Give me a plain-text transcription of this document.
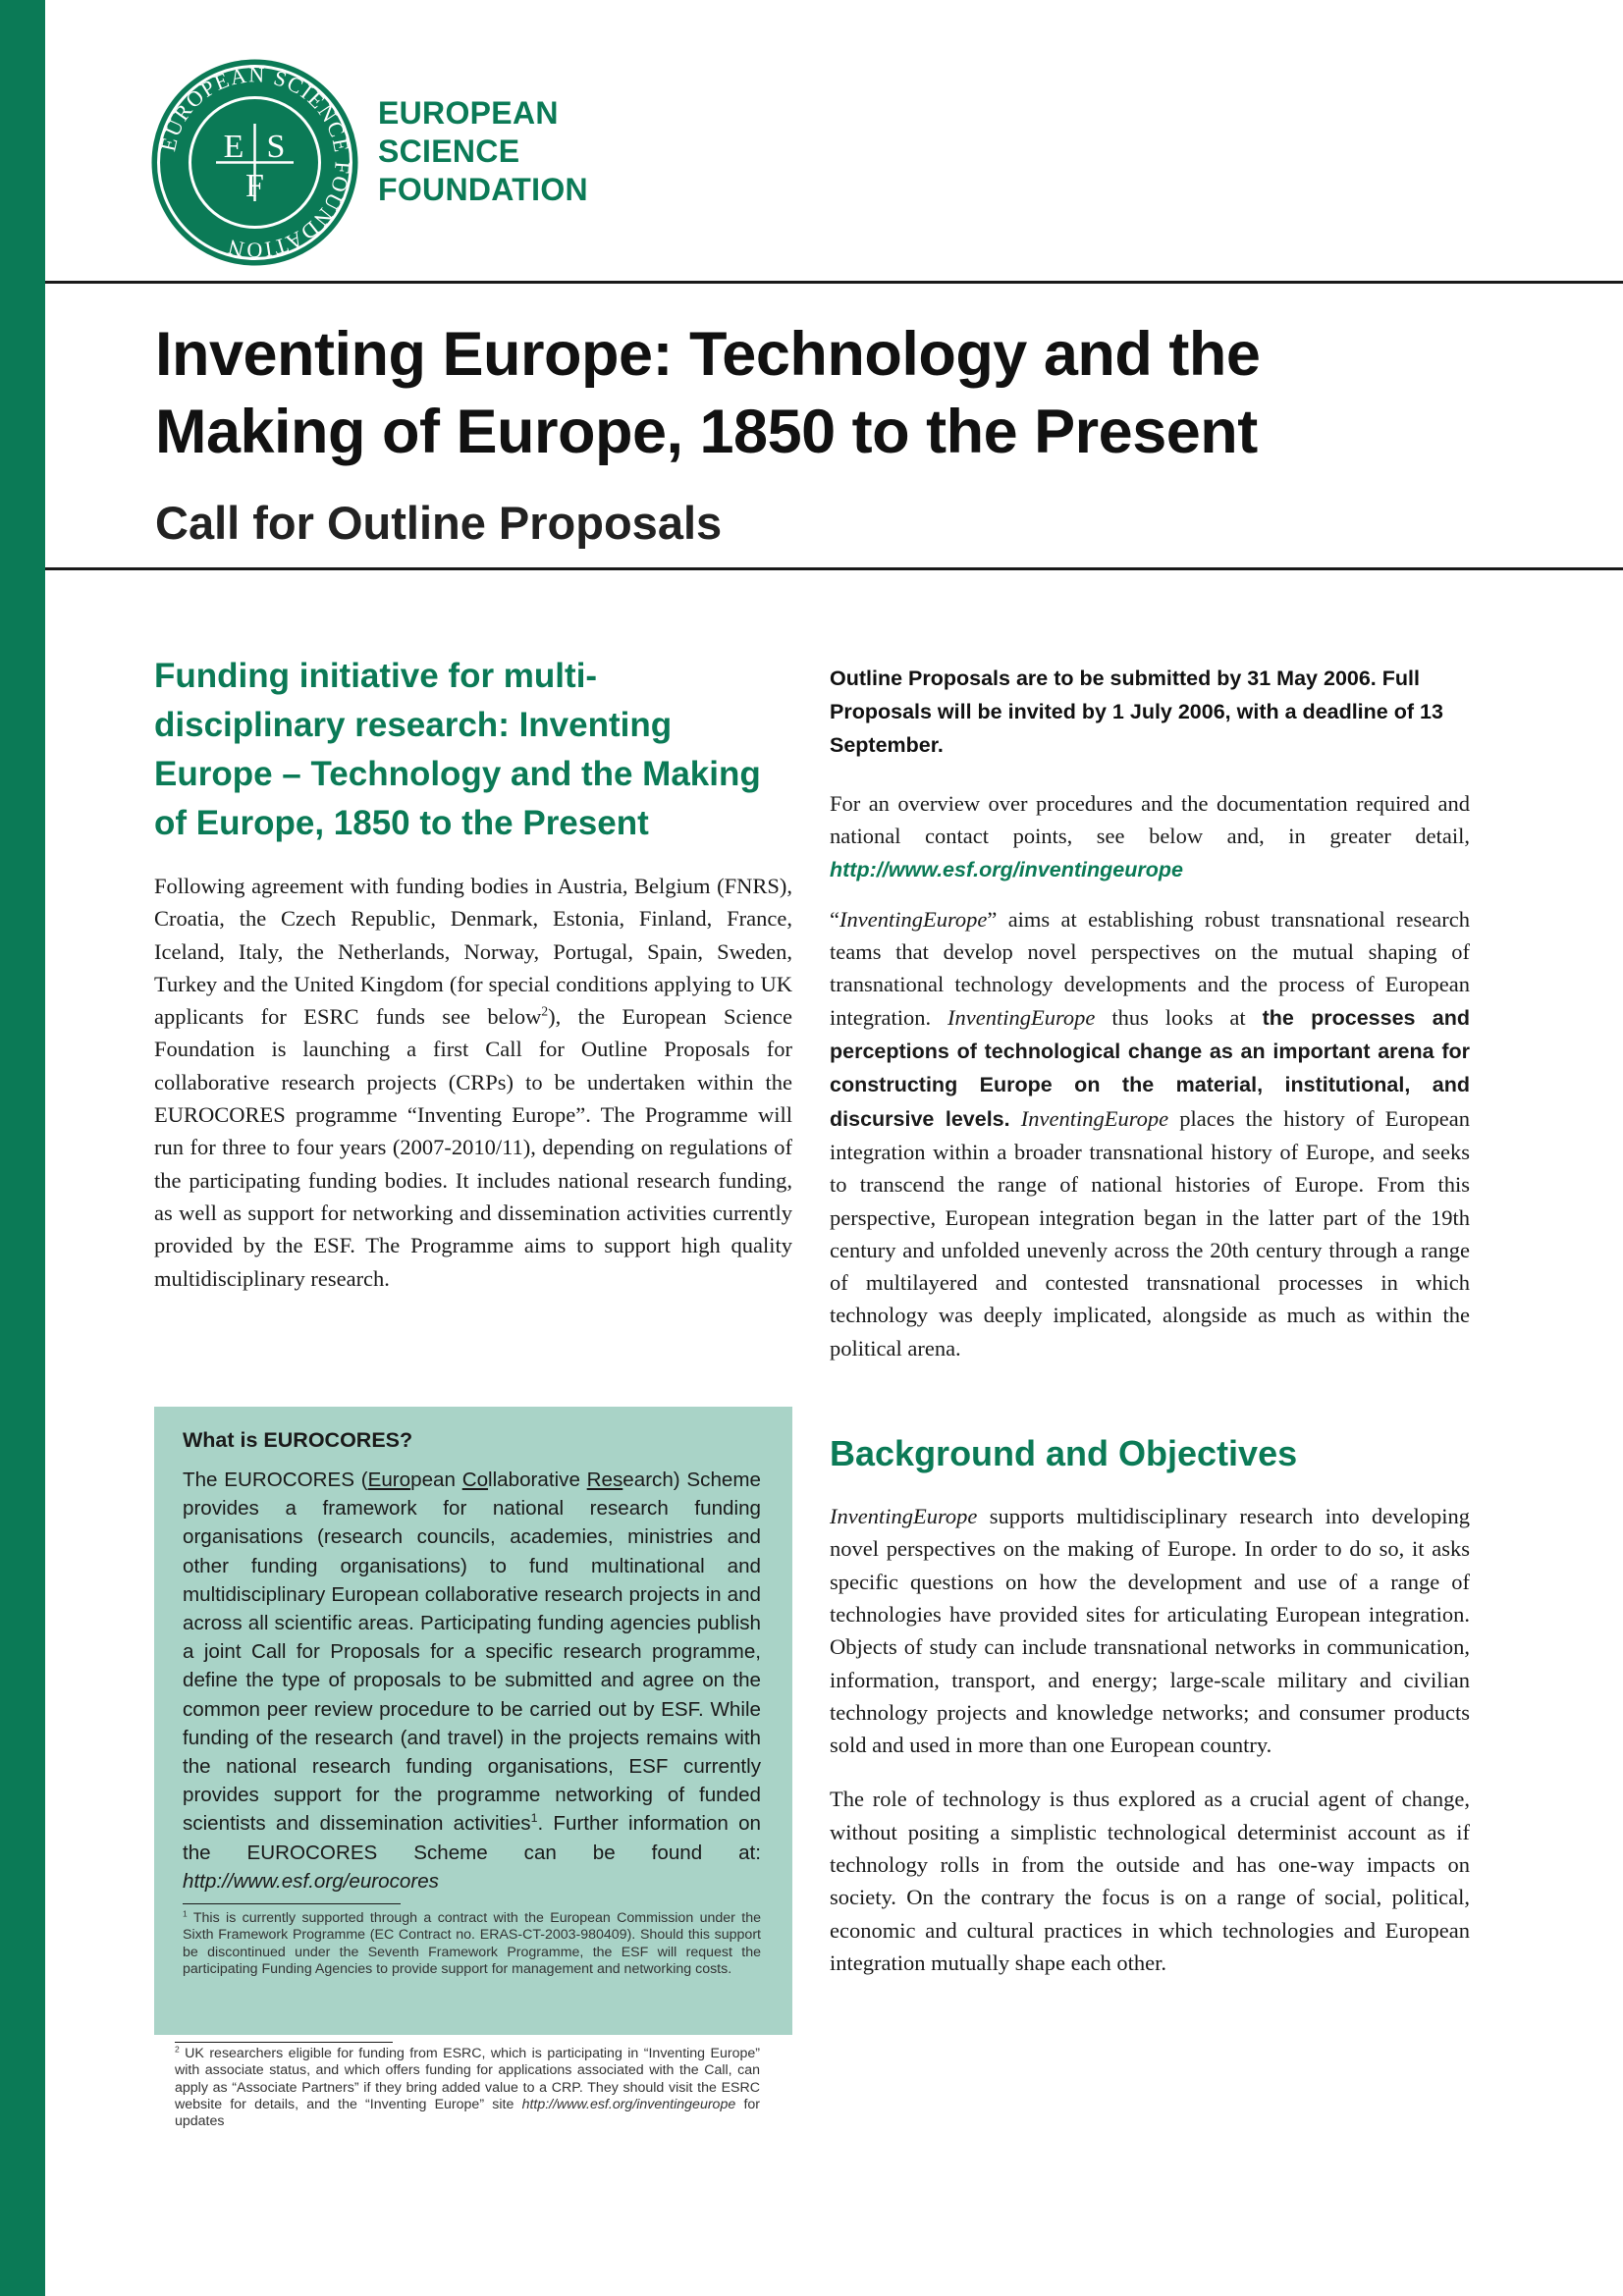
EUROPEAN SCIENCE FOUNDATION
E S
F
EUROPEAN
SCIENCE
FOUNDATION
Inventing Europe: Technology and the
Making of Europe, 1850 to the Present
Call for Outline Proposals
Funding initiative for multi-disciplinary research: Inventing Europe – Technology and the Making of Europe, 1850 to the Present

Following agreement with funding bodies in Austria, Belgium (FNRS), Croatia, the Czech Republic, Denmark, Estonia, Finland, France, Iceland, Italy, the Netherlands, Norway, Portugal, Spain, Sweden, Turkey and the United Kingdom (for special conditions applying to UK applicants for ESRC funds see below$^2$), the European Science Foundation is launching a first Call for Outline Proposals for collaborative research projects (CRPs) to be undertaken within the EUROCORES programme “Inventing Europe”. The Programme will run for three to four years (2007-2010/11), depending on regulations of the participating funding bodies. It includes national research funding, as well as support for networking and dissemination activities currently provided by the ESF. The Programme aims to support high quality multidisciplinary research.

What is EUROCORES?

The EUROCORES (European Collaborative Research) Scheme provides a framework for national research funding organisations (research councils, academies, ministries and other funding organisations) to fund multinational and multidisciplinary European collaborative research projects in and across all scientific areas. Participating funding agencies publish a joint Call for Proposals for a specific research programme, define the type of proposals to be submitted and agree on the common peer review procedure to be carried out by ESF. While funding of the research (and travel) in the projects remains with the national research funding organisations, ESF currently provides support for the programme networking of funded scientists and dissemination activities$^1$. Further information on the EUROCORES Scheme can be found at: http://www.esf.org/eurocores

$^1$ This is currently supported through a contract with the European Commission under the Sixth Framework Programme (EC Contract no. ERAS-CT-2003-980409). Should this support be discontinued under the Seventh Framework Programme, the ESF will request the participating Funding Agencies to provide support for management and networking costs.

$^2$ UK researchers eligible for funding from ESRC, which is participating in “Inventing Europe” with associate status, and which offers funding for applications associated with the Call, can apply as “Associate Partners” if they bring added value to a CRP. They should visit the ESRC website for details, and the “Inventing Europe” site http://www.esf.org/inventingeurope for updates

Outline Proposals are to be submitted by 31 May 2006. Full Proposals will be invited by 1 July 2006, with a deadline of 13 September.

For an overview over procedures and the documentation required and national contact points, see below and, in greater detail, http://www.esf.org/inventingeurope

“InventingEurope” aims at establishing robust transnational research teams that develop novel perspectives on the mutual shaping of transnational technology developments and the process of European integration. InventingEurope thus looks at the processes and perceptions of technological change as an important arena for constructing Europe on the material, institutional, and discursive levels. InventingEurope places the history of European integration within a broader transnational history of Europe, and seeks to transcend the range of national histories of Europe. From this perspective, European integration began in the latter part of the 19th century and unfolded unevenly across the 20th century through a range of multilayered and contested transnational processes in which technology was deeply implicated, alongside as much as within the political arena.

Background and Objectives

InventingEurope supports multidisciplinary research into developing novel perspectives on the making of Europe. In order to do so, it asks specific questions on how the development and use of a range of technologies have provided sites for articulating European integration. Objects of study can include transnational networks in communication, information, transport, and energy; large-scale military and civilian technology projects and knowledge networks; and consumer products sold and used in more than one European country.

The role of technology is thus explored as a crucial agent of change, without positing a simplistic technological determinist account as if technology rolls in from the outside and has one-way impacts on society. On the contrary the focus is on a range of social, political, economic and cultural practices in which technologies and European integration mutually shape each other.
